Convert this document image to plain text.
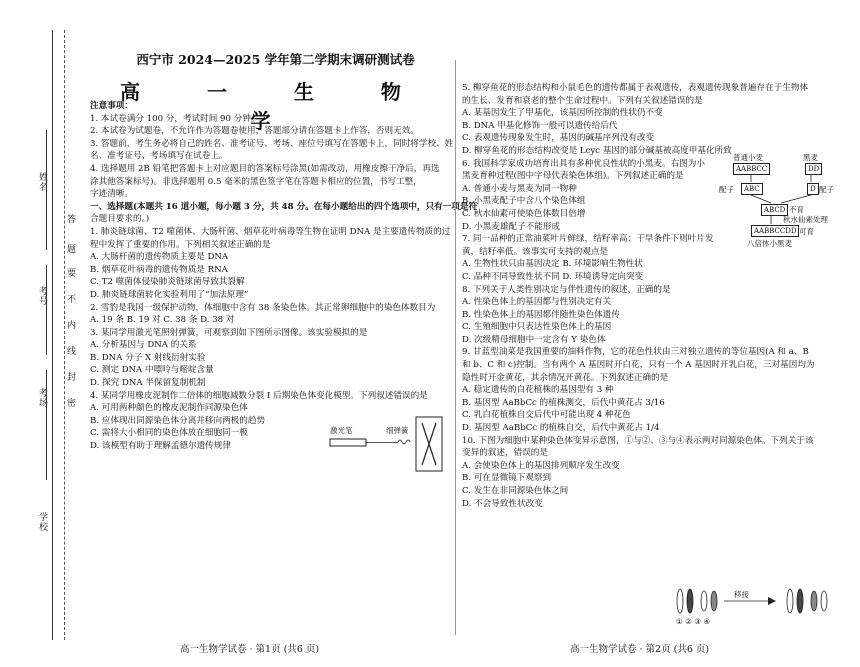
姓名
考号
考场
学校
答
题
要
不
内
线
封
密
西宁市 2024—2025 学年第二学期末调研测试卷
高 一 生 物 学

注意事项：

1. 本试卷满分 100 分，考试时间 90 分钟。

2. 本试卷为试题卷，不允许作为答题卷使用，答题部分请在答题卡上作答，否则无效。

3. 答题前，考生务必将自己的姓名、准考证号、考场、座位号填写在答题卡上，同时将学校、姓

名、准考证号、考场填写在试卷上。

4. 选择题用 2B 铅笔把答题卡上对应题目的答案标号涂黑(如需改动，用橡皮擦干净后，再选

涂其他答案标号)。非选择题用 0.5 毫米的黑色签字笔在答题卡相应的位置，书写工整，

字迹清晰。

一、选择题(本题共 16 道小题，每小题 3 分，共 48 分。在每小题给出的四个选项中，只有一项是符

合题目要求的。)

1. 肺炎链球菌、T2 噬菌体、大肠杆菌、烟草花叶病毒等生物在证明 DNA 是主要遗传物质的过

程中发挥了重要的作用。下列相关叙述正确的是

A. 大肠杆菌的遗传物质主要是 DNA

B. 烟草花叶病毒的遗传物质是 RNA

C. T2 噬菌体侵染肺炎链球菌导致其裂解

D. 肺炎链球菌转化实验利用了“加法原理”

2. 雪豹是我国一级保护动物，体细胞中含有 38 条染色体。其正常卵细胞中的染色体数目为

A. 19 条 B. 19 对 C. 38 条 D. 38 对

3. 某同学用激光笔照射弹簧，可观察到如下图所示图像。该实验模拟的是

A. 分析基因与 DNA 的关系

B. DNA 分子 X 射线衍射实验

C. 测定 DNA 中嘌呤与嘧啶含量

D. 探究 DNA 半保留复制机制

4. 某同学用橡皮泥制作二倍体的细胞减数分裂 I 后期染色体变化模型。下列叙述错误的是

A. 可用两种颜色的橡皮泥制作同源染色体

B. 应体现出同源染色体分离并移向两极的趋势

C. 需将大小相同的染色体放在细胞同一极

D. 该模型有助于理解孟德尔遗传规律

激光笔	细弹簧

5. 柳穿鱼花的形态结构和小鼠毛色的遗传都属于表观遗传，表观遗传现象普遍存在于生物体

的生长、发育和衰老的整个生命过程中。下列有关叙述错误的是

A. 某基因发生了甲基化，该基因所控制的性状仍不变

B. DNA 甲基化修饰一般可以遗传给后代

C. 表观遗传现象发生时，基因的碱基序列没有改变

D. 柳穿鱼花的形态结构改变是 Lcyc 基因的部分碱基被高度甲基化所致

6. 我国科学家成功培育出具有多种优良性状的小黑麦。右图为小

黑麦育种过程(图中字母代表染色体组)。下列叙述正确的是

A. 普通小麦与黑麦为同一物种

B. 小黑麦配子中含八个染色体组

C. 秋水仙素可使染色体数目倍增

D. 小黑麦雄配子不能形成

7. 同一品种的正常油菜叶片鲜绿，结籽率高；干旱条件下则叶片发

黄，结籽率低。该事实可支持的观点是

A. 生物性状只由基因决定 B. 环境影响生物性状

C. 品种不同导致性状不同 D. 环境诱导定向突变

8. 下列关于人类性别决定与伴性遗传的叙述，正确的是

A. 性染色体上的基因都与性别决定有关

B. 性染色体上的基因都伴随性染色体遗传

C. 生殖细胞中只表达性染色体上的基因

D. 次级精母细胞中一定含有 Y 染色体

9. 甘蓝型油菜是我国重要的油料作物，它的花色性状由三对独立遗传的等位基因(A 和 a、B

和 b、C 和 c)控制。当有两个 A 基因时开白花，只有一个 A 基因时开乳白花，三对基因均为

隐性时开金黄花，其余情况开黄花。下列叙述正确的是

A. 稳定遗传的白花植株的基因型有 3 种

B. 基因型 AaBbCc 的植株测交，后代中黄花占 3/16

C. 乳白花植株自交后代中可能出现 4 种花色

D. 基因型 AaBbCc 的植株自交，后代中黄花占 1/4

10. 下图为细胞中某种染色体变异示意图，①与②、③与④表示两对同源染色体。下列关于该

变异的叙述，错误的是

A. 会使染色体上的基因排列顺序发生改变

B. 可在显微镜下观察到

C. 发生在非同源染色体之间

D. 不会导致性状改变

普通小麦	黑麦
AABBCC	DD
配子	ABC	D 配子
ABCD 不育
秋水仙素处理
AABBCCDD 可育
八倍体小黑麦
移接
① ② ③ ④
高一生物学试卷 · 第1页 (共6 页)	高一生物学试卷 · 第2页 (共6 页)
